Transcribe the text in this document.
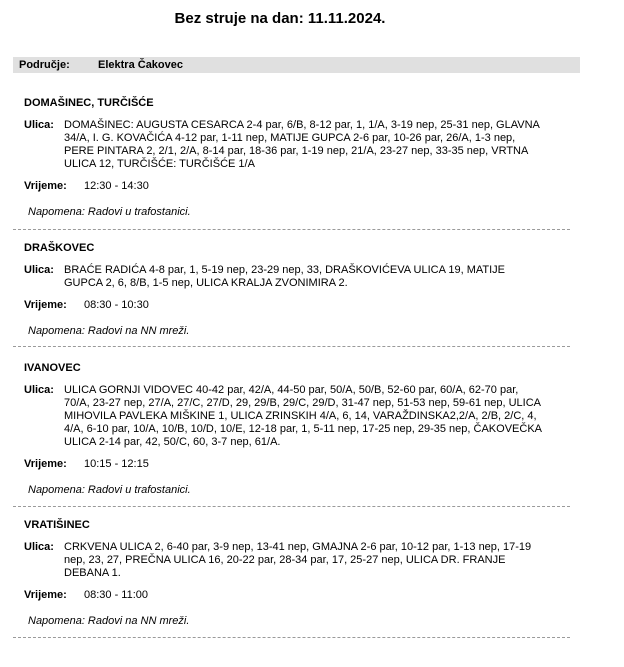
Bez struje na dan: 11.11.2024.
Područje:	Elektra Čakovec
DOMAŠINEC, TURČIŠĆE
Ulica: DOMAŠINEC: AUGUSTA CESARCA 2-4 par, 6/B, 8-12 par, 1, 1/A, 3-19 nep, 25-31 nep, GLAVNA 34/A, I. G. KOVAČIĆA 4-12 par, 1-11 nep, MATIJE GUPCA 2-6 par, 10-26 par, 26/A, 1-3 nep, PERE PINTARA 2, 2/1, 2/A, 8-14 par, 18-36 par, 1-19 nep, 21/A, 23-27 nep, 33-35 nep, VRTNA ULICA 12, TURČIŠĆE: TURČIŠĆE 1/A
Vrijeme:	12:30 - 14:30
Napomena: Radovi u trafostanici.
DRAŠKOVEC
Ulica: BRAĆE RADIĆA 4-8 par, 1, 5-19 nep, 23-29 nep, 33, DRAŠKOVIĆEVA ULICA 19, MATIJE GUPCA 2, 6, 8/B, 1-5 nep, ULICA KRALJA ZVONIMIRA 2.
Vrijeme:	08:30 - 10:30
Napomena: Radovi na NN mreži.
IVANOVEC
Ulica: ULICA GORNJI VIDOVEC 40-42 par, 42/A, 44-50 par, 50/A, 50/B, 52-60 par, 60/A, 62-70 par, 70/A, 23-27 nep, 27/A, 27/C, 27/D, 29, 29/B, 29/C, 29/D, 31-47 nep, 51-53 nep, 59-61 nep, ULICA MIHOVILA PAVLEKA MIŠKINE 1, ULICA ZRINSKIH 4/A, 6, 14, VARAŽDINSKA2,2/A, 2/B, 2/C, 4, 4/A, 6-10 par, 10/A, 10/B, 10/D, 10/E, 12-18 par, 1, 5-11 nep, 17-25 nep, 29-35 nep, ČAKOVEČKA ULICA 2-14 par, 42, 50/C, 60, 3-7 nep, 61/A.
Vrijeme:	10:15 - 12:15
Napomena: Radovi u trafostanici.
VRATIŠINEC
Ulica: CRKVENA ULICA 2, 6-40 par, 3-9 nep, 13-41 nep, GMAJNA 2-6 par, 10-12 par, 1-13 nep, 17-19 nep, 23, 27, PREČNA ULICA 16, 20-22 par, 28-34 par, 17, 25-27 nep, ULICA DR. FRANJE DEBANA 1.
Vrijeme:	08:30 - 11:00
Napomena: Radovi na NN mreži.
